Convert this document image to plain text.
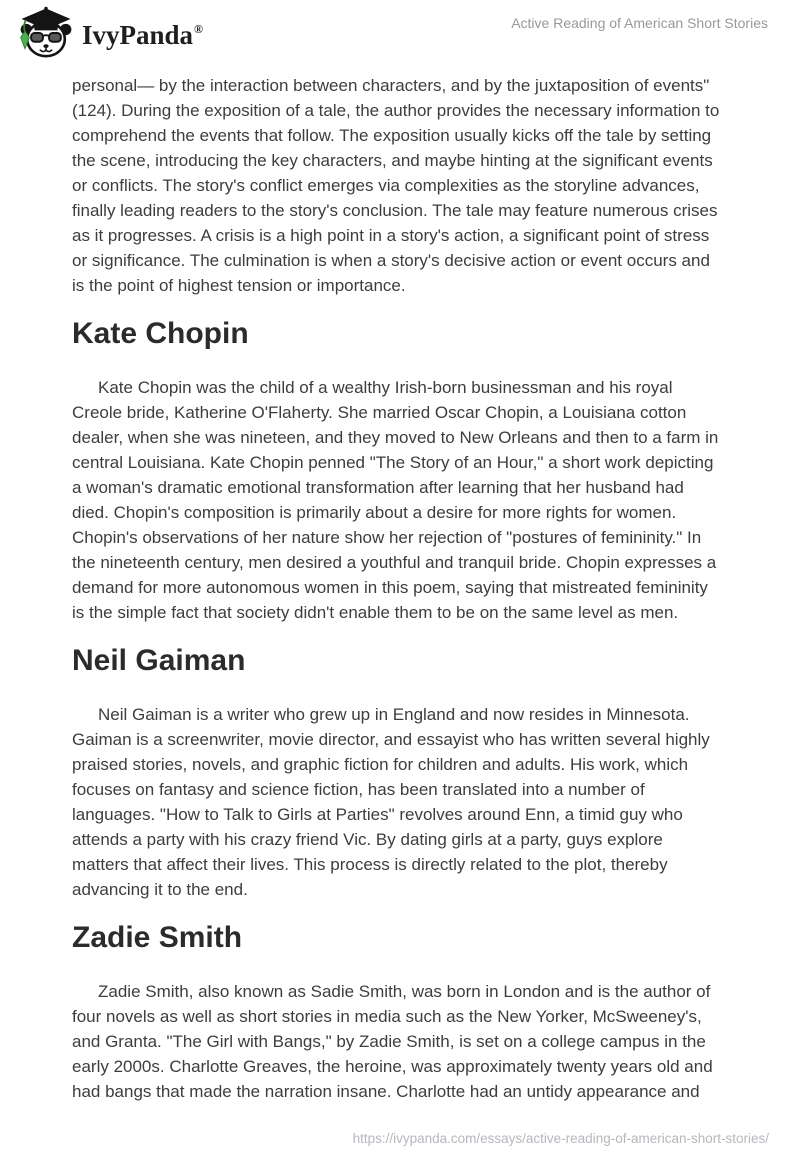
IvyPanda®	Active Reading of American Short Stories

personal— by the interaction between characters, and by the juxtaposition of events" (124). During the exposition of a tale, the author provides the necessary information to comprehend the events that follow. The exposition usually kicks off the tale by setting the scene, introducing the key characters, and maybe hinting at the significant events or conflicts. The story's conflict emerges via complexities as the storyline advances, finally leading readers to the story's conclusion. The tale may feature numerous crises as it progresses. A crisis is a high point in a story's action, a significant point of stress or significance. The culmination is when a story's decisive action or event occurs and is the point of highest tension or importance.

Kate Chopin

Kate Chopin was the child of a wealthy Irish-born businessman and his royal Creole bride, Katherine O'Flaherty. She married Oscar Chopin, a Louisiana cotton dealer, when she was nineteen, and they moved to New Orleans and then to a farm in central Louisiana. Kate Chopin penned "The Story of an Hour," a short work depicting a woman's dramatic emotional transformation after learning that her husband had died. Chopin's composition is primarily about a desire for more rights for women. Chopin's observations of her nature show her rejection of "postures of femininity." In the nineteenth century, men desired a youthful and tranquil bride. Chopin expresses a demand for more autonomous women in this poem, saying that mistreated femininity is the simple fact that society didn't enable them to be on the same level as men.

Neil Gaiman

Neil Gaiman is a writer who grew up in England and now resides in Minnesota. Gaiman is a screenwriter, movie director, and essayist who has written several highly praised stories, novels, and graphic fiction for children and adults. His work, which focuses on fantasy and science fiction, has been translated into a number of languages. "How to Talk to Girls at Parties" revolves around Enn, a timid guy who attends a party with his crazy friend Vic. By dating girls at a party, guys explore matters that affect their lives. This process is directly related to the plot, thereby advancing it to the end.

Zadie Smith

Zadie Smith, also known as Sadie Smith, was born in London and is the author of four novels as well as short stories in media such as the New Yorker, McSweeney's, and Granta. "The Girl with Bangs," by Zadie Smith, is set on a college campus in the early 2000s. Charlotte Greaves, the heroine, was approximately twenty years old and had bangs that made the narration insane. Charlotte had an untidy appearance and

https://ivypanda.com/essays/active-reading-of-american-short-stories/
